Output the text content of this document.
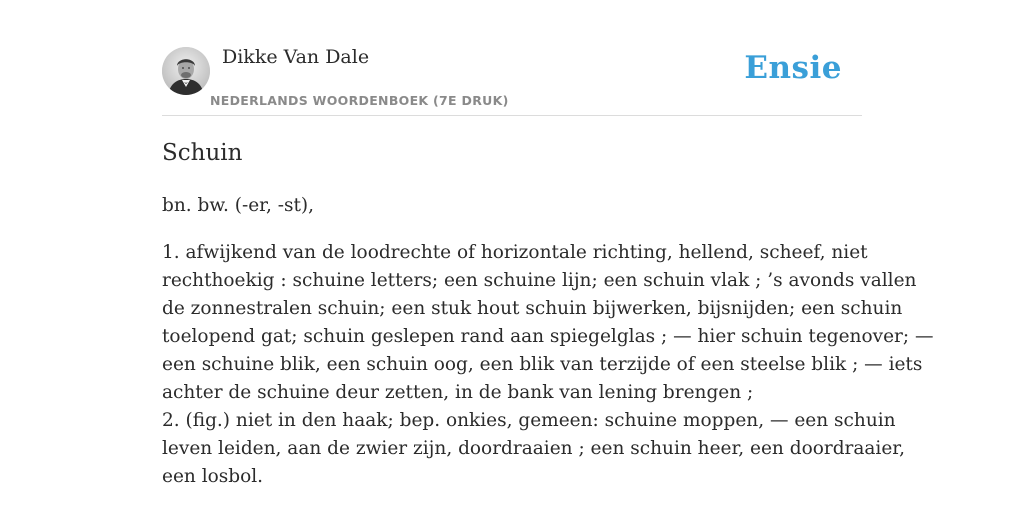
Dikke Van Dale
NEDERLANDS WOORDENBOEK (7E DRUK)
Ensie
Schuin

bn. bw. (-er, -st),

1. afwijkend van de loodrechte of horizontale richting, hellend, scheef, niet
rechthoekig : schuine letters; een schuine lijn; een schuin vlak ; ’s avonds vallen
de zonnestralen schuin; een stuk hout schuin bijwerken, bijsnijden; een schuin
toelopend gat; schuin geslepen rand aan spiegelglas ; — hier schuin tegenover; —
een schuine blik, een schuin oog, een blik van terzijde of een steelse blik ; — iets
achter de schuine deur zetten, in de bank van lening brengen ;
2. (fig.) niet in den haak; bep. onkies, gemeen: schuine moppen, — een schuin
leven leiden, aan de zwier zijn, doordraaien ; een schuin heer, een doordraaier,
een losbol.
